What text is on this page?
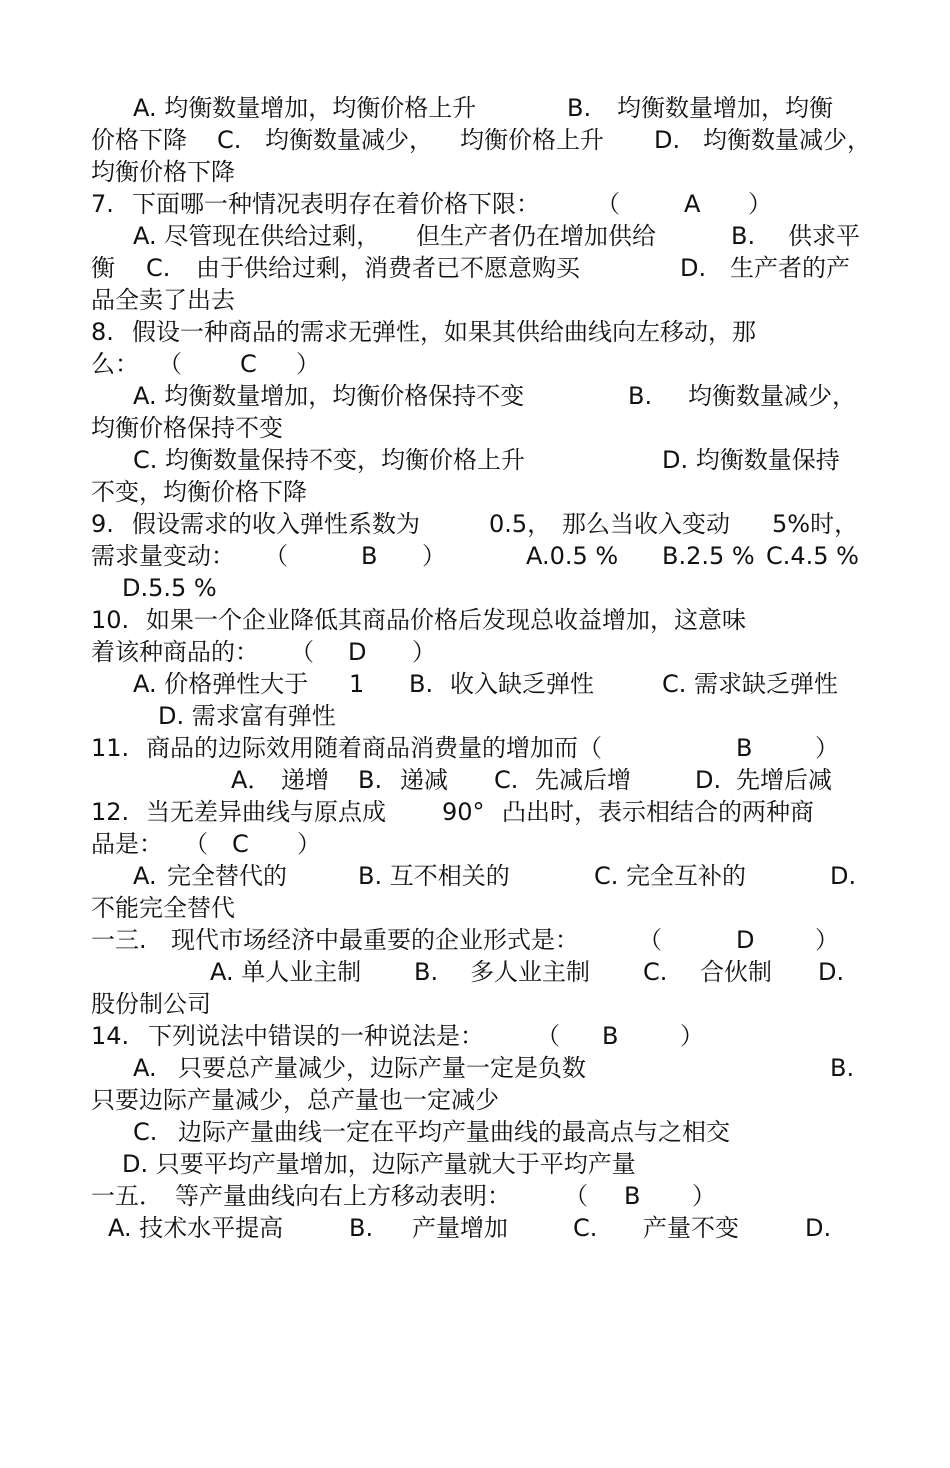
A. 均衡数量增加，均衡价格上升

	B.

均衡数量增加，均衡

价格下降

C.

均衡数量减少，

均衡价格上升

D.

均衡数量减少，

均衡价格下降

7.

下面哪一种情况表明存在着价格下限：

（

	A

）

A. 尽管现在供给过剩，

但生产者仍在增加供给

	B.

供求平

衡

C.

由于供给过剩，消费者已不愿意购买

	D.

生产者的产

品全卖了出去

8.

假设一种商品的需求无弹性，如果其供给曲线向左移动，那

么：

（

C

）

A. 均衡数量增加，均衡价格保持不变

	B.

均衡数量减少，

均衡价格保持不变

C. 均衡数量保持不变，均衡价格上升

	D. 均衡数量保持

不变，均衡价格下降

9.

假设需求的收入弹性系数为

	0.5，

那么当收入变动

5%时，

需求量变动：

（

	B

）

	A.0.5 %

B.2.5 %

C.4.5 %

D.5.5 %

10.

如果一个企业降低其商品价格后发现总收益增加，这意味

着该种商品的：

（

D

）

A. 价格弹性大于

1

B.

收入缺乏弹性

	C. 需求缺乏弹性

D. 需求富有弹性

11.

商品的边际效用随着商品消费量的增加而（

	B

	）

A．

递增

B.

递减

C.

先减后增

	D.

先增后减

12.

当无差异曲线与原点成

90°

凸出时，表示相结合的两种商

品是：

（

C

）

A.

完全替代的

	B. 互不相关的

	C. 完全互补的

	D.

不能完全替代

一三.

现代市场经济中最重要的企业形式是：

（

	D

	）

A. 单人业主制

B.

多人业主制

C.

合伙制

D.

股份制公司

14.

下列说法中错误的一种说法是：

（

B

	）

A.

只要总产量减少，边际产量一定是负数

	B.

只要边际产量减少，总产量也一定减少

C.

边际产量曲线一定在平均产量曲线的最高点与之相交

D. 只要平均产量增加，边际产量就大于平均产量

一五．

等产量曲线向右上方移动表明：

（

B

）

A. 技术水平提高

	B.

产量增加

	C.

产量不变

	D.
